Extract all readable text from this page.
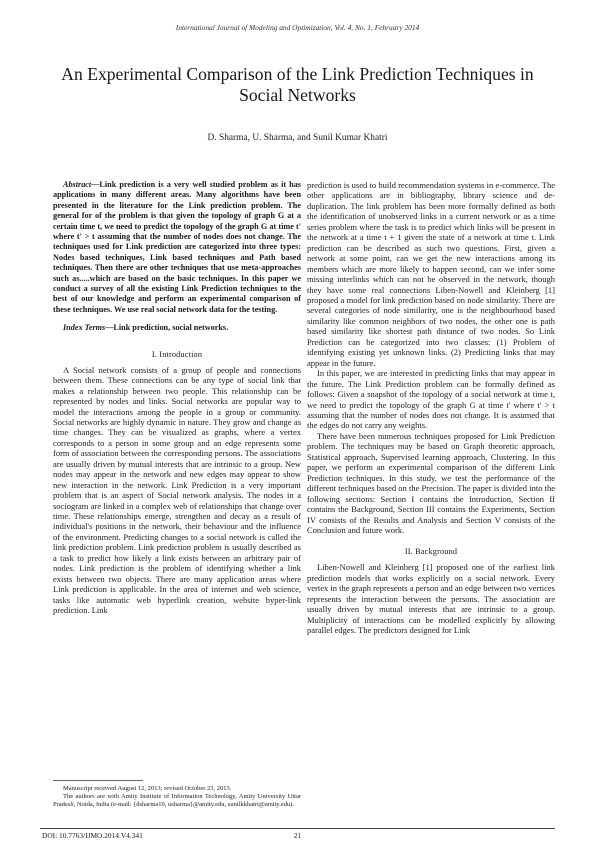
International Journal of Modeling and Optimization, Vol. 4, No. 1, February 2014
An Experimental Comparison of the Link Prediction Techniques in Social Networks
D. Sharma, U. Sharma, and Sunil Kumar Khatri

Abstract—Link prediction is a very well studied problem as it has applications in many different areas. Many algorithms have been presented in the literature for the Link prediction problem. The general for of the problem is that given the topology of graph G at a certain time t, we need to predict the topology of the graph G at time t' where t' > t assuming that the number of nodes does not change. The techniques used for Link prediction are categorized into three types: Nodes based techniques, Link based techniques and Path based techniques. Then there are other techniques that use meta-approaches such as.....which are based on the basic techniques. In this paper we conduct a survey of all the existing Link Prediction techniques to the best of our knowledge and perform an experimental comparison of these techniques. We use real social network data for the testing.

Index Terms—Link prediction, social networks.

I. Introduction

A Social network consists of a group of people and connections between them. These connections can be any type of social link that makes a relationship between two people. This relationship can be represented by nodes and links. Social networks are popular way to model the interactions among the people in a group or community. Social networks are highly dynamic in nature. They grow and change as time changes. They can be visualized as graphs, where a vertex corresponds to a person in some group and an edge represents some form of association between the corresponding persons. The associations are usually driven by mutual interests that are intrinsic to a group. New nodes may appear in the network and new edges may appear to show new interaction in the network. Link Prediction is a very important problem that is an aspect of Social network analysis. The nodes in a sociogram are linked in a complex web of relationships that change over time. These relationships emerge, strengthen and decay as a result of individual's positions in the network, their behaviour and the influence of the environment. Predicting changes to a social network is called the link prediction problem. Link prediction problem is usually described as a task to predict how likely a link exists between an arbitrary pair of nodes. Link prediction is the problem of identifying whether a link exists between two objects. There are many application areas where Link prediction is applicable. In the area of internet and web science, tasks like automatic web hyperlink creation, website hyper-link prediction. Link

prediction is used to build recommendation systems in e-commerce. The other applications are in bibliography, library science and de-duplication. The link problem has been more formally defined as both the identification of unobserved links in a current network or as a time series problem where the task is to predict which links will be present in the network at a time t + 1 given the state of a network at time t. Link prediction can be described as such two questions. First, given a network at some point, can we get the new interactions among its members which are more likely to happen second, can we infer some missing interlinks which can not be observed in the network, though they have some real connections Liben-Nowell and Kleinberg [1] proposed a model for link prediction based on node similarity. There are several categories of node similarity, one is the neighbourhood based similarity like common neighbors of two nodes, the other one is path based similarity like shortest path distance of two nodes. So Link Prediction can be categorized into two classes: (1) Problem of identifying existing yet unknown links. (2) Predicting links that may appear in the future.

In this paper, we are interested in predicting links that may appear in the future. The Link Prediction problem can be formally defined as follows: Given a snapshot of the topology of a social network at time t, we need to predict the topology of the graph G at time t' where t' > t assuming that the number of nodes does not change. It is assumed that the edges do not carry any weights.

There have been numerous techniques proposed for Link Prediction problem. The techniques may be based on Graph theoretic approach, Statistical approach, Supervised learning approach, Clustering. In this paper, we perform an experimental comparison of the different Link Prediction techniques. In this study, we test the performance of the different techniques based on the Precision. The paper is divided into the following sections: Section I contains the Introduction, Section II contains the Background, Section III contains the Experiments, Section IV consists of the Results and Analysis and Section V consists of the Conclusion and future work.

II. Background

Liben-Nowell and Kleinberg [1] proposed one of the earliest link prediction models that works explicitly on a social network. Every vertex in the graph represents a person and an edge between two vertices represents the interaction between the persons. The association are usually driven by mutual interests that are intrinsic to a group. Multiplicity of interactions can be modelled explicitly by allowing parallel edges. The predictors designed for Link

Manuscript received August 12, 2013; revised October 23, 2013.
The authors are with Amity Institute of Information Technology, Amity University Uttar Pradesh, Noida, India (e-mail: {dsharma10, usharma}@amity.edu, sunilkkhatri@amity.edu).
DOI: 10.7763/IJMO.2014.V4.341	21
